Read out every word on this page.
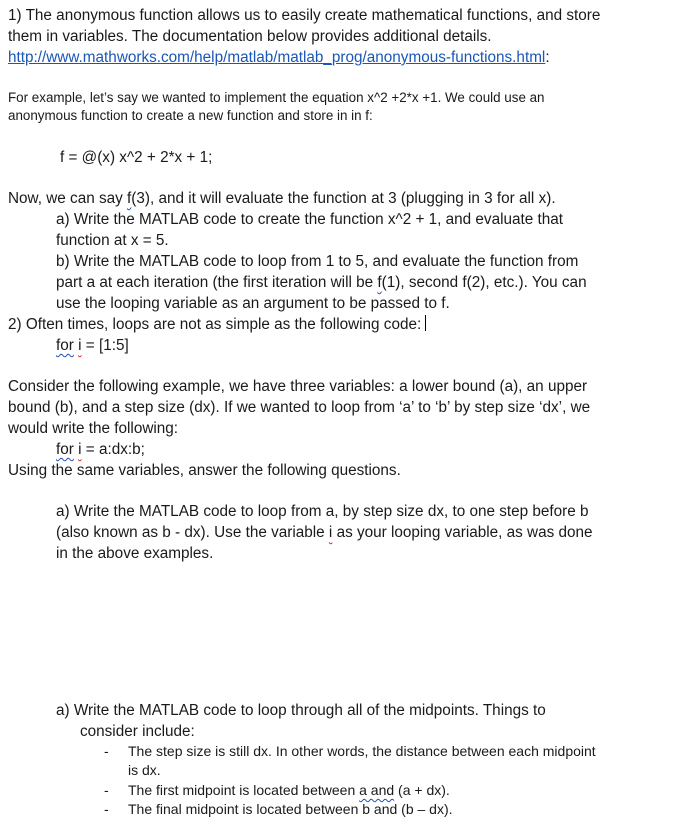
1) The anonymous function allows us to easily create mathematical functions, and store
them in variables. The documentation below provides additional details.
http://www.mathworks.com/help/matlab/matlab_prog/anonymous-functions.html:
For example, let’s say we wanted to implement the equation x^2 +2*x +1. We could use an
anonymous function to create a new function and store in in f:
f = @(x) x^2 + 2*x + 1;
Now, we can say f(3), and it will evaluate the function at 3 (plugging in 3 for all x).
a) Write the MATLAB code to create the function x^2 + 1, and evaluate that
function at x = 5.
b) Write the MATLAB code to loop from 1 to 5, and evaluate the function from
part a at each iteration (the first iteration will be f(1), second f(2), etc.). You can
use the looping variable as an argument to be passed to f.
2) Often times, loops are not as simple as the following code:
for i = [1:5]
Consider the following example, we have three variables: a lower bound (a), an upper
bound (b), and a step size (dx). If we wanted to loop from ‘a’ to ‘b’ by step size ‘dx’, we
would write the following:
for i = a:dx:b;
Using the same variables, answer the following questions.
a) Write the MATLAB code to loop from a, by step size dx, to one step before b
(also known as b - dx). Use the variable i as your looping variable, as was done
in the above examples.
a) Write the MATLAB code to loop through all of the midpoints. Things to
consider include:
- The step size is still dx. In other words, the distance between each midpoint
is dx.
- The first midpoint is located between a and (a + dx).
- The final midpoint is located between b and (b – dx).
